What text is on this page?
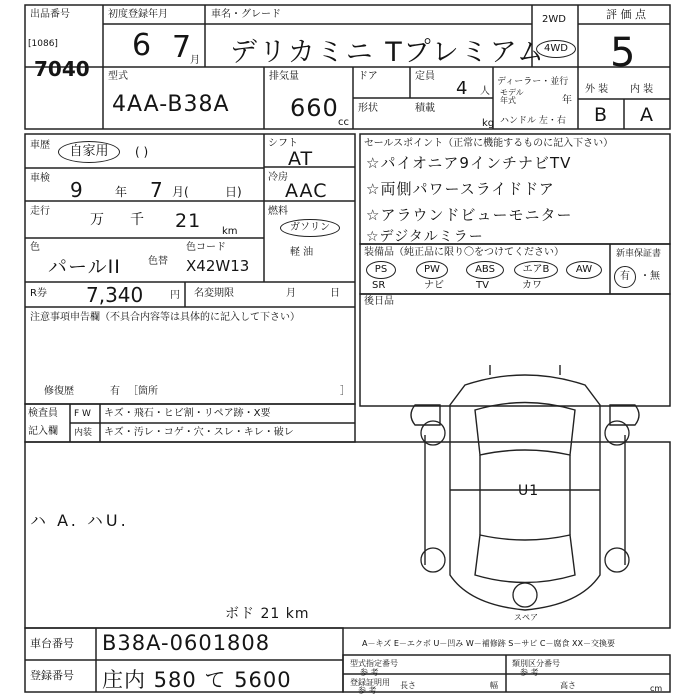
出品番号
[1086]
7040
初度登録年月
6 7
月
車名・グレード
デリカミニ Tプレミアム
2WD
4WD
評 価 点
5
型式
4AA-B38A
排気量
660
cc
ドア	定員
4 人
形状	積載
kg
ディーラー・並行
モデル
年式	年
ハンドル 左・右
外 装 内 装
B A
車歴	自家用	( )
車検 9	年 7 月(	日)
走行
万 千 21 km
色
パールII	色替
色コード
X42W13
シフト
AT
冷房
AAC
燃料
ガソリン
軽 油
R券 7,340	円 名変期限	月	日
注意事項申告欄（不具合内容等は具体的に記入して下さい）
修復歴	有 ［箇所	］
セールスポイント（正常に機能するものに記入下さい）
☆パイオニア9インチナビTV
☆両側パワースライドドア
☆アラウンドビューモニター
☆デジタルミラー
装備品（純正品に限り〇をつけてください）
PS	PW	ABS	エアB	AW
SR	ナビ	TV	カワ
新車保証書
有	・無
後日品
検査員
記入欄
F W キズ・飛石・ヒビ割・リペア跡・X要
内装 キズ・汚レ・コゲ・穴・スレ・キレ・破レ
ハ A. ハU.
ボド 21 km
U1
スペア
A－キズ E－エクボ U－凹み W－補修跡 S－サビ C－腐食 XX－交換要
車台番号 B38A-0601808
登録番号 庄内 580 て 5600
型式指定番号
参 考
類別区分番号
参 考
登録証明用
参 考
長さ	幅	高さ	cm
